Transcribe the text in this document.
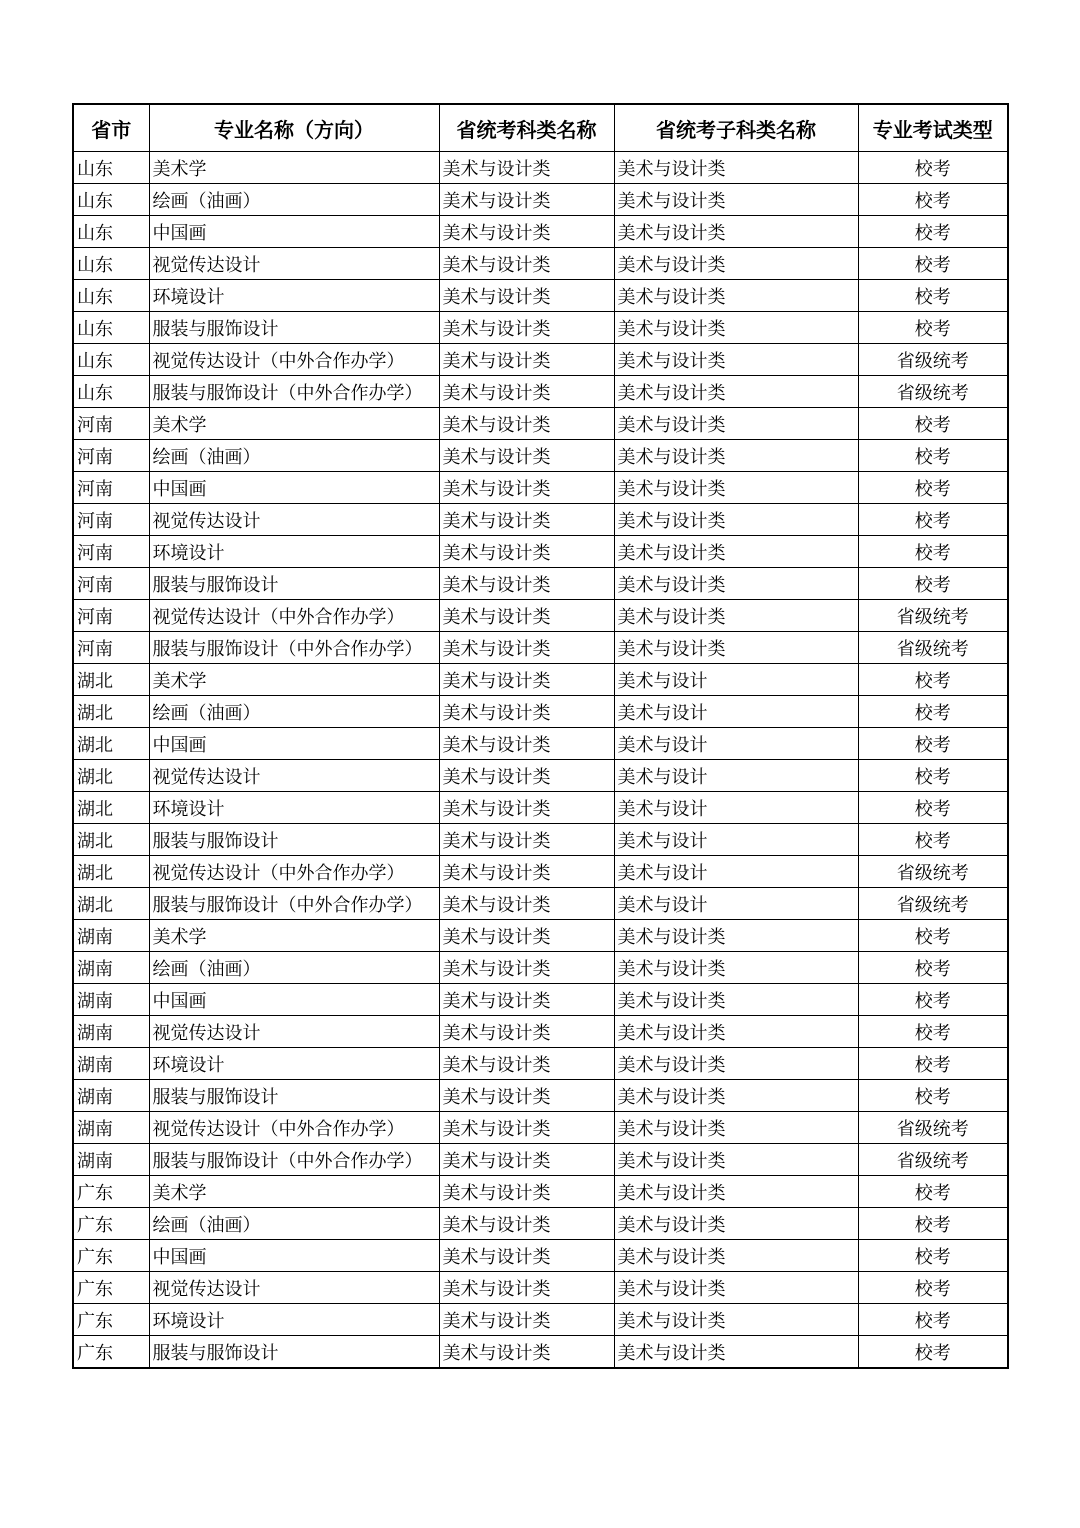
省市	专业名称（方向）	省统考科类名称	省统考子科类名称	专业考试类型
山东	美术学	美术与设计类	美术与设计类	校考
山东	绘画（油画）	美术与设计类	美术与设计类	校考
山东	中国画	美术与设计类	美术与设计类	校考
山东	视觉传达设计	美术与设计类	美术与设计类	校考
山东	环境设计	美术与设计类	美术与设计类	校考
山东	服装与服饰设计	美术与设计类	美术与设计类	校考
山东	视觉传达设计（中外合作办学）	美术与设计类	美术与设计类	省级统考
山东	服装与服饰设计（中外合作办学）	美术与设计类	美术与设计类	省级统考
河南	美术学	美术与设计类	美术与设计类	校考
河南	绘画（油画）	美术与设计类	美术与设计类	校考
河南	中国画	美术与设计类	美术与设计类	校考
河南	视觉传达设计	美术与设计类	美术与设计类	校考
河南	环境设计	美术与设计类	美术与设计类	校考
河南	服装与服饰设计	美术与设计类	美术与设计类	校考
河南	视觉传达设计（中外合作办学）	美术与设计类	美术与设计类	省级统考
河南	服装与服饰设计（中外合作办学）	美术与设计类	美术与设计类	省级统考
湖北	美术学	美术与设计类	美术与设计	校考
湖北	绘画（油画）	美术与设计类	美术与设计	校考
湖北	中国画	美术与设计类	美术与设计	校考
湖北	视觉传达设计	美术与设计类	美术与设计	校考
湖北	环境设计	美术与设计类	美术与设计	校考
湖北	服装与服饰设计	美术与设计类	美术与设计	校考
湖北	视觉传达设计（中外合作办学）	美术与设计类	美术与设计	省级统考
湖北	服装与服饰设计（中外合作办学）	美术与设计类	美术与设计	省级统考
湖南	美术学	美术与设计类	美术与设计类	校考
湖南	绘画（油画）	美术与设计类	美术与设计类	校考
湖南	中国画	美术与设计类	美术与设计类	校考
湖南	视觉传达设计	美术与设计类	美术与设计类	校考
湖南	环境设计	美术与设计类	美术与设计类	校考
湖南	服装与服饰设计	美术与设计类	美术与设计类	校考
湖南	视觉传达设计（中外合作办学）	美术与设计类	美术与设计类	省级统考
湖南	服装与服饰设计（中外合作办学）	美术与设计类	美术与设计类	省级统考
广东	美术学	美术与设计类	美术与设计类	校考
广东	绘画（油画）	美术与设计类	美术与设计类	校考
广东	中国画	美术与设计类	美术与设计类	校考
广东	视觉传达设计	美术与设计类	美术与设计类	校考
广东	环境设计	美术与设计类	美术与设计类	校考
广东	服装与服饰设计	美术与设计类	美术与设计类	校考
